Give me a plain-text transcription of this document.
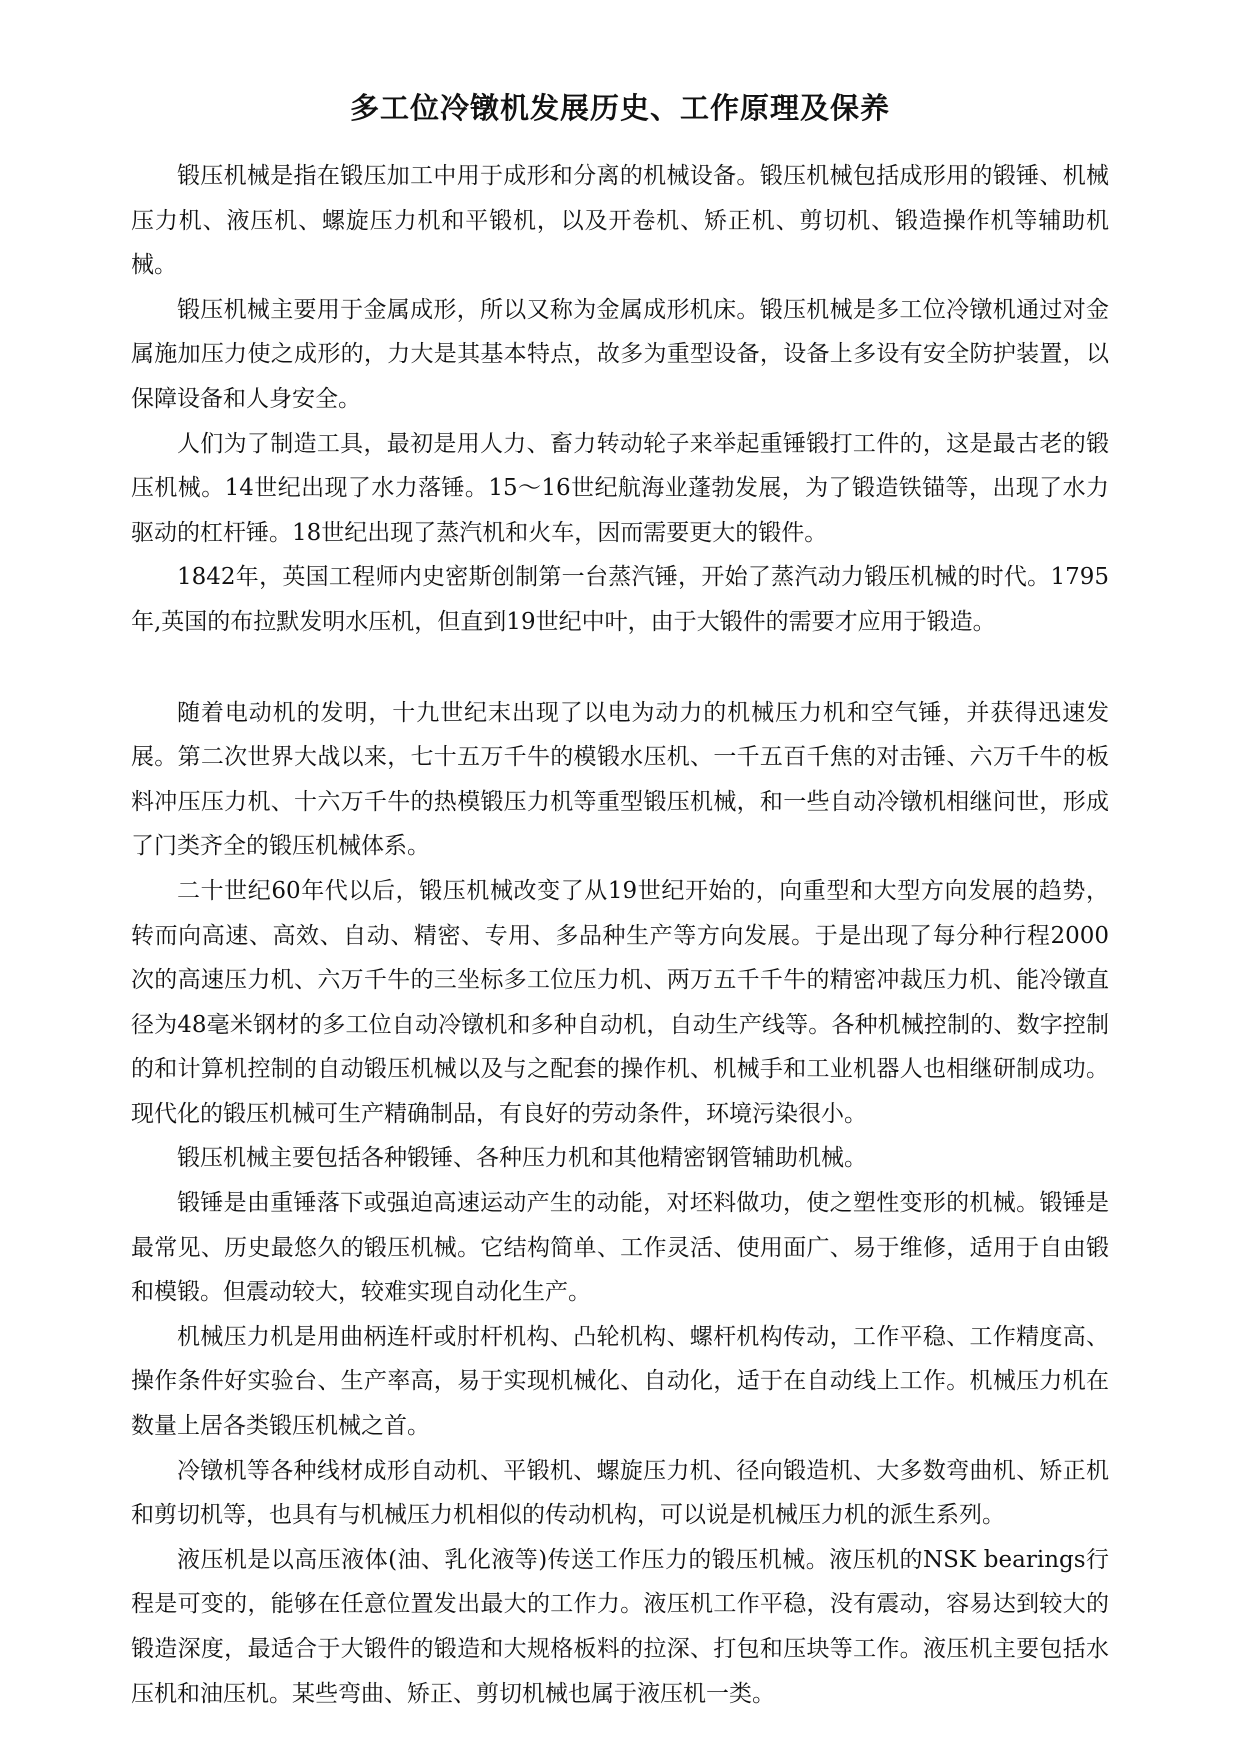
多工位冷镦机发展历史、工作原理及保养

锻压机械是指在锻压加工中用于成形和分离的机械设备。锻压机械包括成形用的锻锤、机械压力机、液压机、螺旋压力机和平锻机，以及开卷机、矫正机、剪切机、锻造操作机等辅助机械。

锻压机械主要用于金属成形，所以又称为金属成形机床。锻压机械是多工位冷镦机通过对金属施加压力使之成形的，力大是其基本特点，故多为重型设备，设备上多设有安全防护装置，以保障设备和人身安全。

人们为了制造工具，最初是用人力、畜力转动轮子来举起重锤锻打工件的，这是最古老的锻压机械。14世纪出现了水力落锤。15～16世纪航海业蓬勃发展，为了锻造铁锚等，出现了水力驱动的杠杆锤。18世纪出现了蒸汽机和火车，因而需要更大的锻件。

1842年，英国工程师内史密斯创制第一台蒸汽锤，开始了蒸汽动力锻压机械的时代。1795年,英国的布拉默发明水压机，但直到19世纪中叶，由于大锻件的需要才应用于锻造。

随着电动机的发明，十九世纪末出现了以电为动力的机械压力机和空气锤，并获得迅速发展。第二次世界大战以来，七十五万千牛的模锻水压机、一千五百千焦的对击锤、六万千牛的板料冲压压力机、十六万千牛的热模锻压力机等重型锻压机械，和一些自动冷镦机相继问世，形成了门类齐全的锻压机械体系。

二十世纪60年代以后，锻压机械改变了从19世纪开始的，向重型和大型方向发展的趋势，转而向高速、高效、自动、精密、专用、多品种生产等方向发展。于是出现了每分种行程2000次的高速压力机、六万千牛的三坐标多工位压力机、两万五千千牛的精密冲裁压力机、能冷镦直径为48毫米钢材的多工位自动冷镦机和多种自动机，自动生产线等。各种机械控制的、数字控制的和计算机控制的自动锻压机械以及与之配套的操作机、机械手和工业机器人也相继研制成功。现代化的锻压机械可生产精确制品，有良好的劳动条件，环境污染很小。

锻压机械主要包括各种锻锤、各种压力机和其他精密钢管辅助机械。

锻锤是由重锤落下或强迫高速运动产生的动能，对坯料做功，使之塑性变形的机械。锻锤是最常见、历史最悠久的锻压机械。它结构简单、工作灵活、使用面广、易于维修，适用于自由锻和模锻。但震动较大，较难实现自动化生产。

机械压力机是用曲柄连杆或肘杆机构、凸轮机构、螺杆机构传动，工作平稳、工作精度高、操作条件好实验台、生产率高，易于实现机械化、自动化，适于在自动线上工作。机械压力机在数量上居各类锻压机械之首。

冷镦机等各种线材成形自动机、平锻机、螺旋压力机、径向锻造机、大多数弯曲机、矫正机和剪切机等，也具有与机械压力机相似的传动机构，可以说是机械压力机的派生系列。

液压机是以高压液体(油、乳化液等)传送工作压力的锻压机械。液压机的NSK bearings行程是可变的，能够在任意位置发出最大的工作力。液压机工作平稳，没有震动，容易达到较大的锻造深度，最适合于大锻件的锻造和大规格板料的拉深、打包和压块等工作。液压机主要包括水压机和油压机。某些弯曲、矫正、剪切机械也属于液压机一类。
